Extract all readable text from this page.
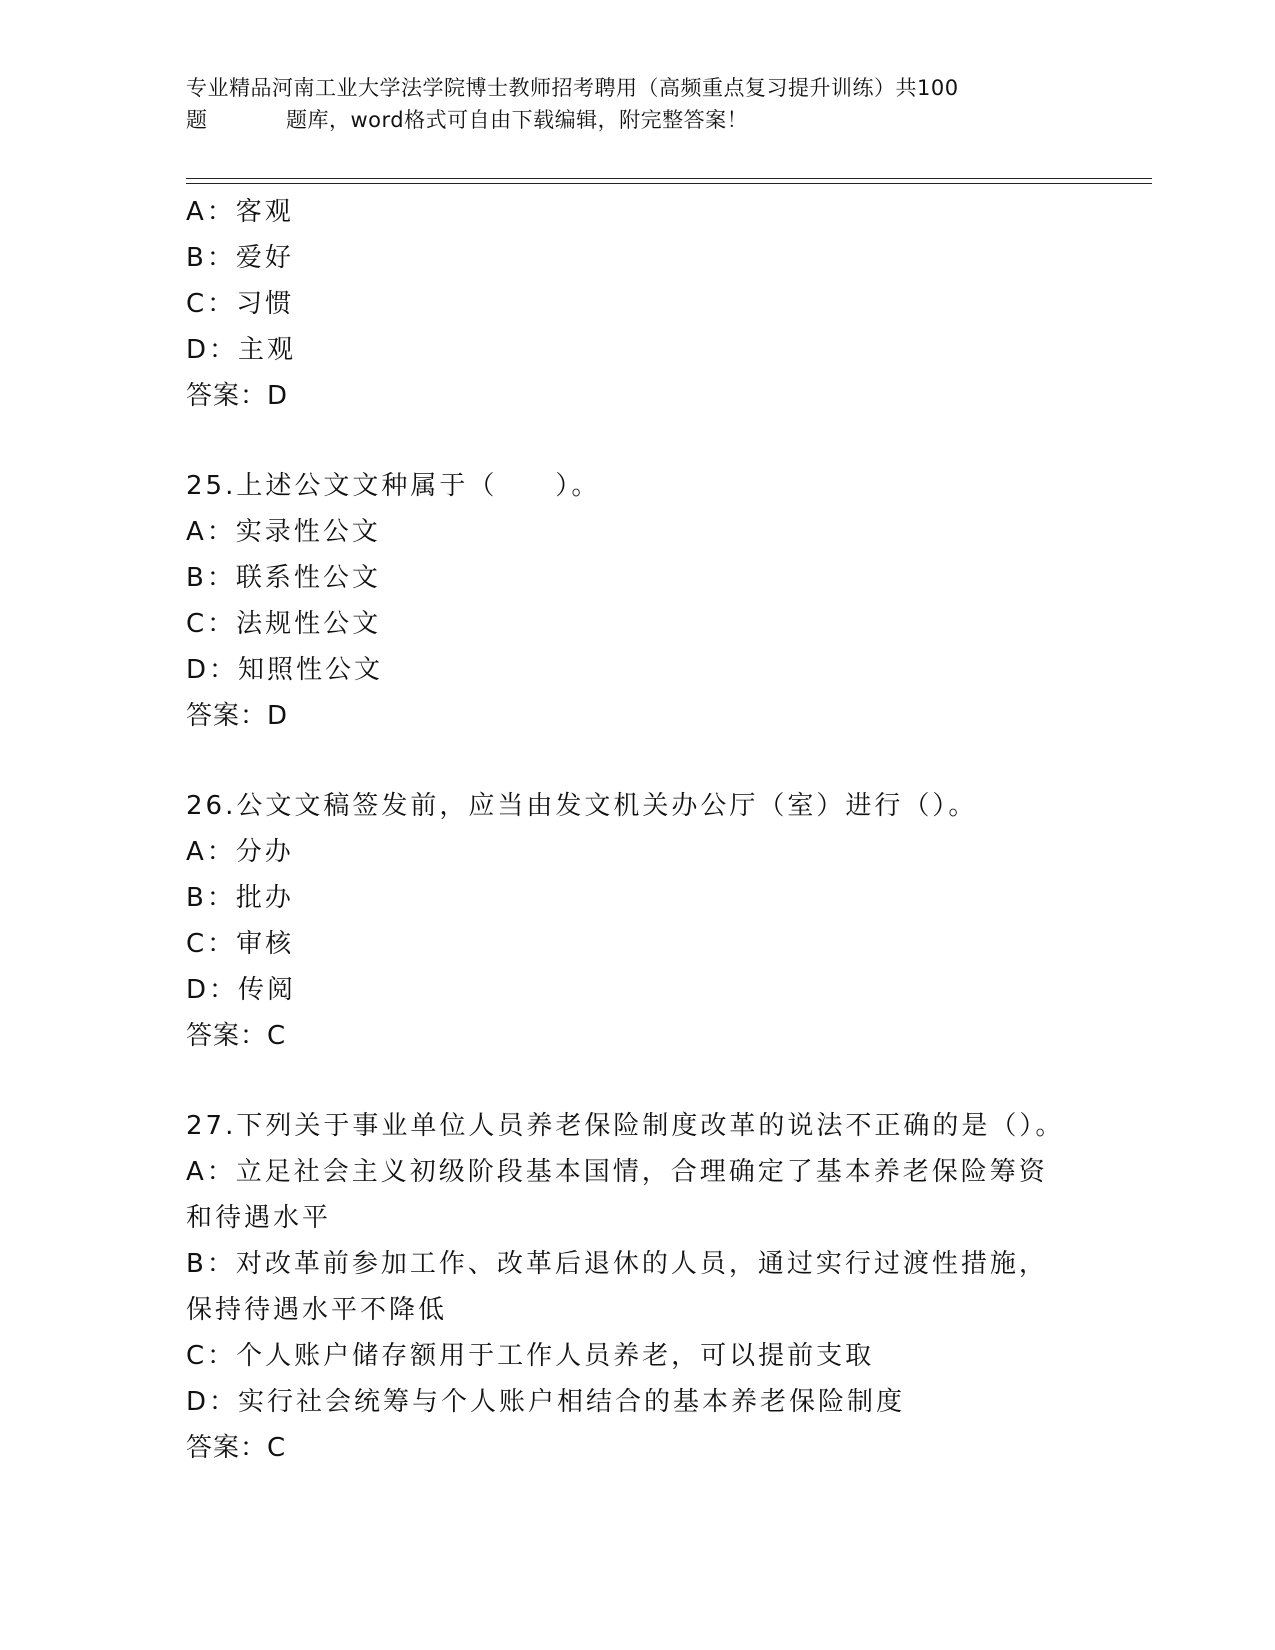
专业精品河南工业大学法学院博士教师招考聘用（高频重点复习提升训练）共100
题	题库，word格式可自由下载编辑，附完整答案！
A：客观
B：爱好
C：习惯
D：主观
答案：D
25.上述公文文种属于（　　）。
A：实录性公文
B：联系性公文
C：法规性公文
D：知照性公文
答案：D
26.公文文稿签发前，应当由发文机关办公厅（室）进行（）。
A：分办
B：批办
C：审核
D：传阅
答案：C
27.下列关于事业单位人员养老保险制度改革的说法不正确的是（）。
A：立足社会主义初级阶段基本国情，合理确定了基本养老保险筹资和待遇水平
B：对改革前参加工作、改革后退休的人员，通过实行过渡性措施，保持待遇水平不降低
C：个人账户储存额用于工作人员养老，可以提前支取
D：实行社会统筹与个人账户相结合的基本养老保险制度
答案：C
